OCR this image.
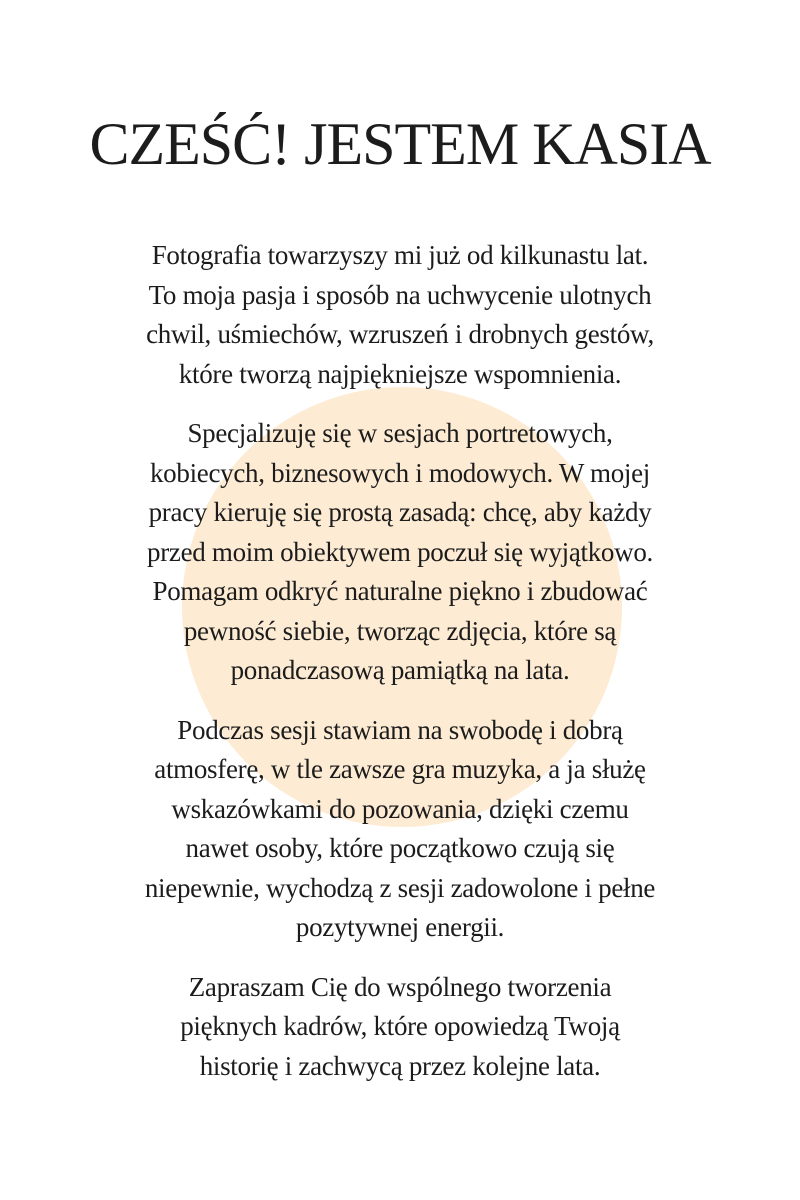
CZEŚĆ! JESTEM KASIA

Fotografia towarzyszy mi już od kilkunastu lat.
To moja pasja i sposób na uchwycenie ulotnych
chwil, uśmiechów, wzruszeń i drobnych gestów,
które tworzą najpiękniejsze wspomnienia.

Specjalizuję się w sesjach portretowych,
kobiecych, biznesowych i modowych. W mojej
pracy kieruję się prostą zasadą: chcę, aby każdy
przed moim obiektywem poczuł się wyjątkowo.
Pomagam odkryć naturalne piękno i zbudować
pewność siebie, tworząc zdjęcia, które są
ponadczasową pamiątką na lata.

Podczas sesji stawiam na swobodę i dobrą
atmosferę, w tle zawsze gra muzyka, a ja służę
wskazówkami do pozowania, dzięki czemu
nawet osoby, które początkowo czują się
niepewnie, wychodzą z sesji zadowolone i pełne
pozytywnej energii.

Zapraszam Cię do wspólnego tworzenia
pięknych kadrów, które opowiedzą Twoją
historię i zachwycą przez kolejne lata.
